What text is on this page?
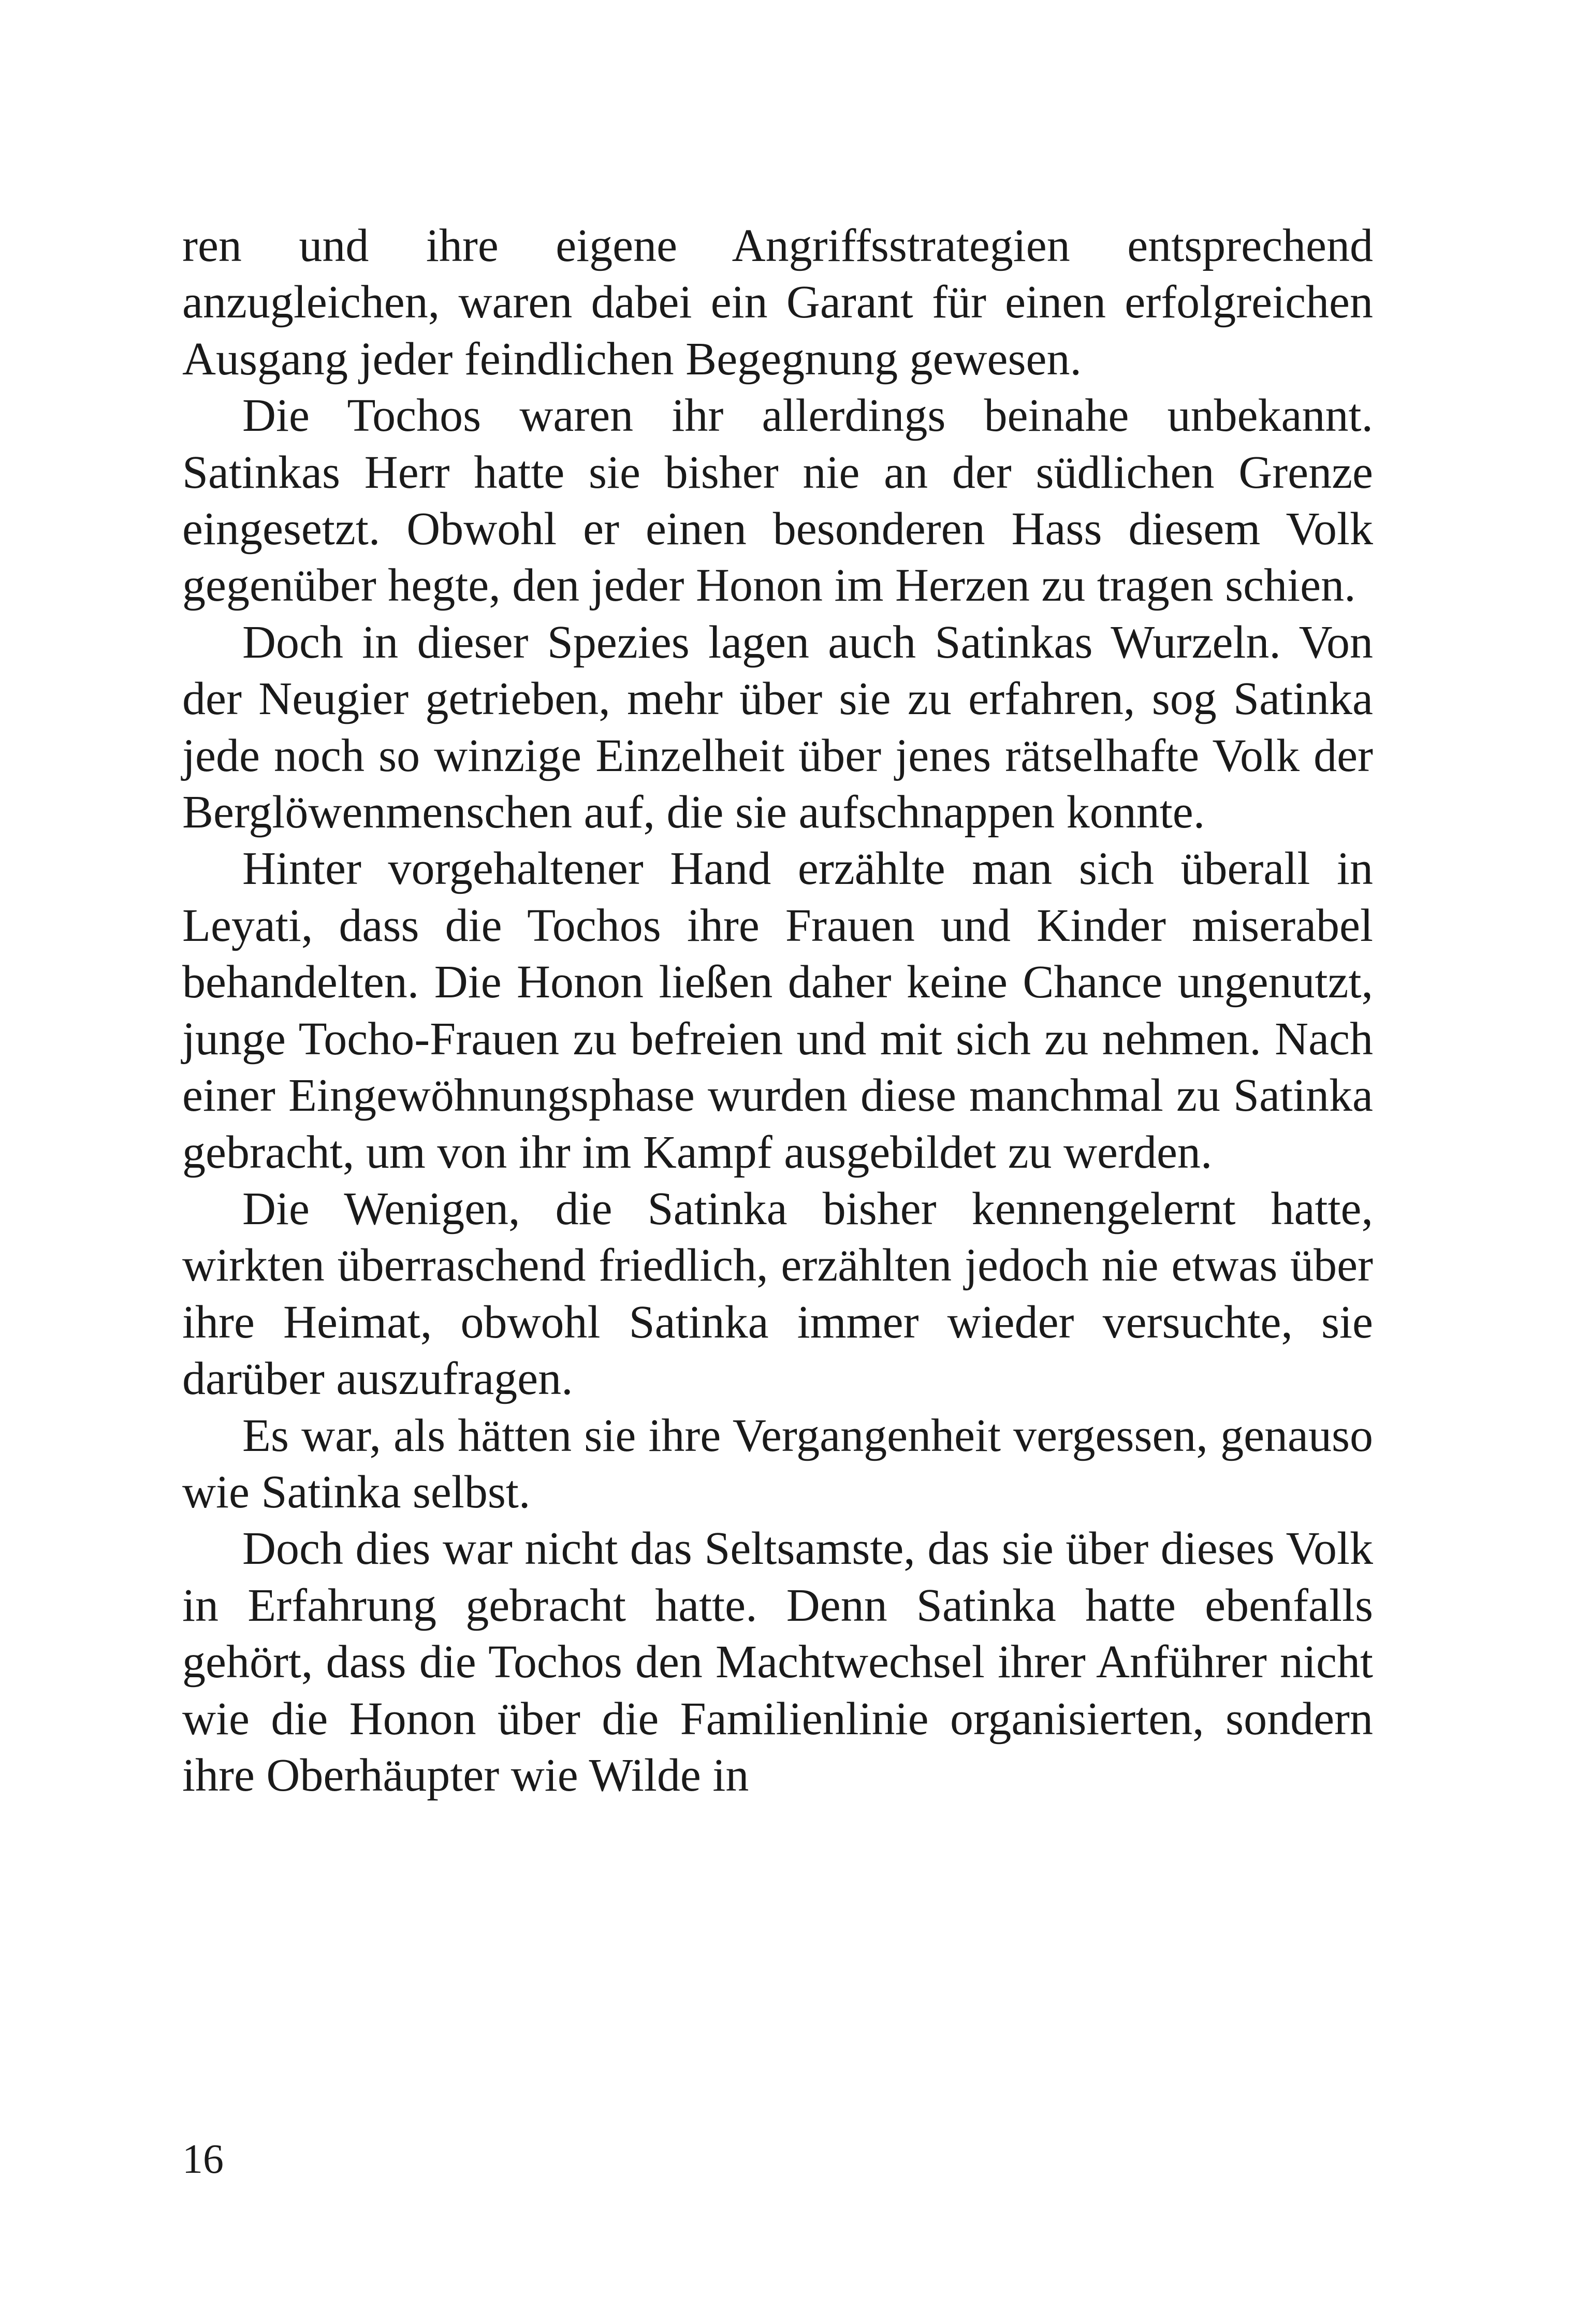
ren und ihre eigene Angriffsstrategien entsprechend anzugleichen, waren dabei ein Garant für einen erfolgreichen Ausgang jeder feindlichen Begegnung gewesen.

Die Tochos waren ihr allerdings beinahe unbekannt. Satinkas Herr hatte sie bisher nie an der südlichen Grenze eingesetzt. Obwohl er einen besonderen Hass diesem Volk gegenüber hegte, den jeder Honon im Herzen zu tragen schien.

Doch in dieser Spezies lagen auch Satinkas Wurzeln. Von der Neugier getrieben, mehr über sie zu erfahren, sog Satinka jede noch so winzige Einzelheit über jenes rätselhafte Volk der Berglöwenmenschen auf, die sie aufschnappen konnte.

Hinter vorgehaltener Hand erzählte man sich überall in Leyati, dass die Tochos ihre Frauen und Kinder miserabel behandelten. Die Honon ließen daher keine Chance ungenutzt, junge Tocho-Frauen zu befreien und mit sich zu nehmen. Nach einer Eingewöhnungsphase wurden diese manchmal zu Satinka gebracht, um von ihr im Kampf ausgebildet zu werden.

Die Wenigen, die Satinka bisher kennengelernt hatte, wirkten überraschend friedlich, erzählten jedoch nie etwas über ihre Heimat, obwohl Satinka immer wieder versuchte, sie darüber auszufragen.

Es war, als hätten sie ihre Vergangenheit vergessen, genauso wie Satinka selbst.

Doch dies war nicht das Seltsamste, das sie über dieses Volk in Erfahrung gebracht hatte. Denn Satinka hatte ebenfalls gehört, dass die Tochos den Machtwechsel ihrer Anführer nicht wie die Honon über die Familienlinie organisierten, sondern ihre Oberhäupter wie Wilde in

16
